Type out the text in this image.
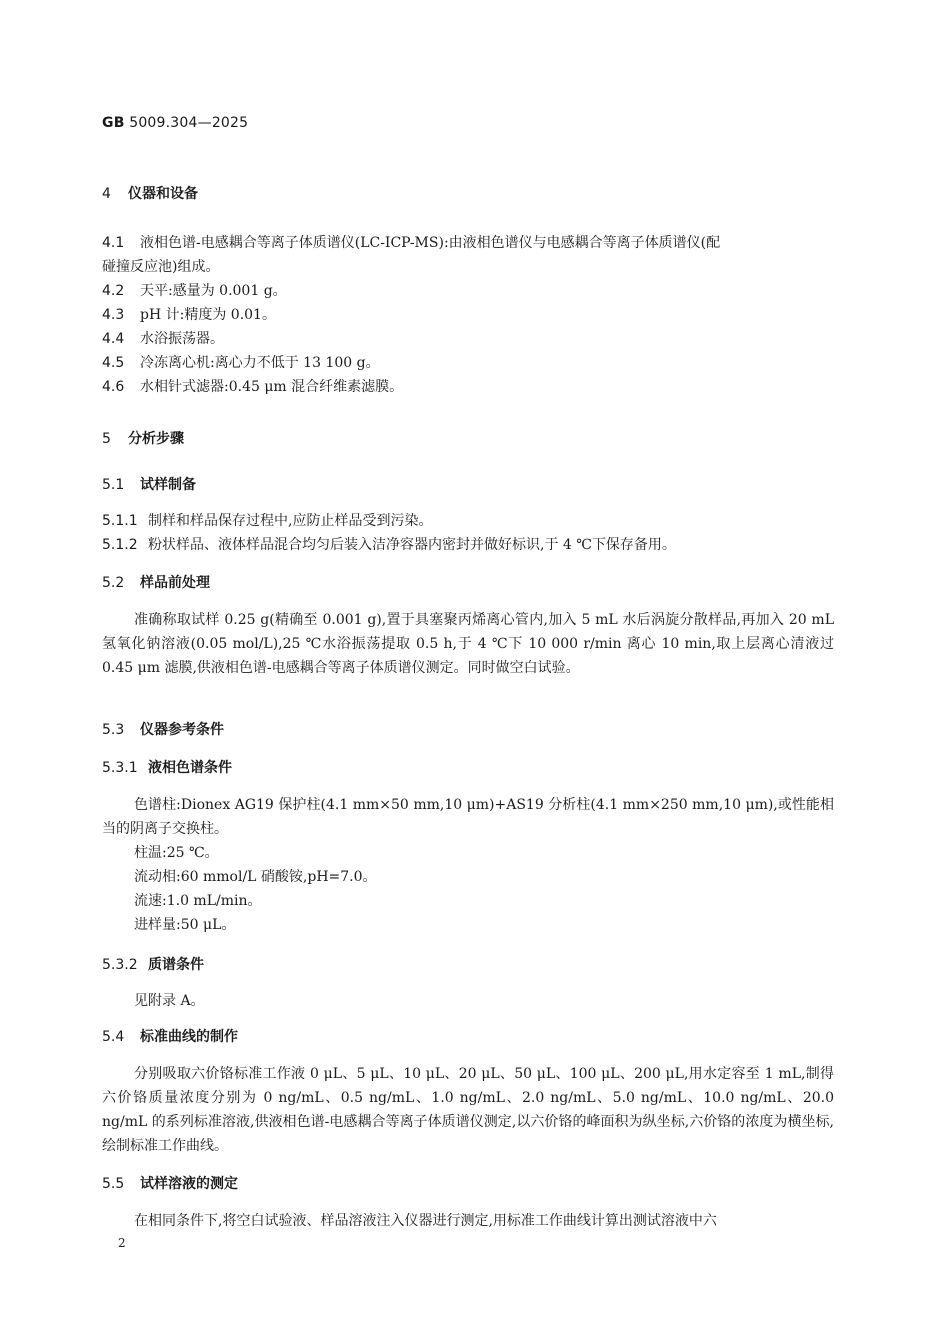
GB 5009.304—2025
4 仪器和设备
4.1 液相色谱-电感耦合等离子体质谱仪(LC-ICP-MS):由液相色谱仪与电感耦合等离子体质谱仪(配
碰撞反应池)组成。
4.2 天平:感量为 0.001 g。
4.3 pH 计:精度为 0.01。
4.4 水浴振荡器。
4.5 冷冻离心机:离心力不低于 13 100 g。
4.6 水相针式滤器:0.45 μm 混合纤维素滤膜。
5 分析步骤
5.1 试样制备
5.1.1 制样和样品保存过程中,应防止样品受到污染。
5.1.2 粉状样品、液体样品混合均匀后装入洁净容器内密封并做好标识,于 4 ℃下保存备用。
5.2 样品前处理
准确称取试样 0.25 g(精确至 0.001 g),置于具塞聚丙烯离心管内,加入 5 mL 水后涡旋分散样品,再加入 20 mL 氢氧化钠溶液(0.05 mol/L),25 ℃水浴振荡提取 0.5 h,于 4 ℃下 10 000 r/min 离心 10 min,取上层离心清液过 0.45 μm 滤膜,供液相色谱-电感耦合等离子体质谱仪测定。同时做空白试验。
5.3 仪器参考条件
5.3.1 液相色谱条件
色谱柱:Dionex AG19 保护柱(4.1 mm×50 mm,10 μm)+AS19 分析柱(4.1 mm×250 mm,10 μm),或性能相当的阴离子交换柱。
柱温:25 ℃。
流动相:60 mmol/L 硝酸铵,pH=7.0。
流速:1.0 mL/min。
进样量:50 μL。
5.3.2 质谱条件
见附录 A。
5.4 标准曲线的制作
分别吸取六价铬标准工作液 0 μL、5 μL、10 μL、20 μL、50 μL、100 μL、200 μL,用水定容至 1 mL,制得六价铬质量浓度分别为 0 ng/mL、0.5 ng/mL、1.0 ng/mL、2.0 ng/mL、5.0 ng/mL、10.0 ng/mL、20.0 ng/mL 的系列标准溶液,供液相色谱-电感耦合等离子体质谱仪测定,以六价铬的峰面积为纵坐标,六价铬的浓度为横坐标,绘制标准工作曲线。
5.5 试样溶液的测定
在相同条件下,将空白试验液、样品溶液注入仪器进行测定,用标准工作曲线计算出测试溶液中六
2
